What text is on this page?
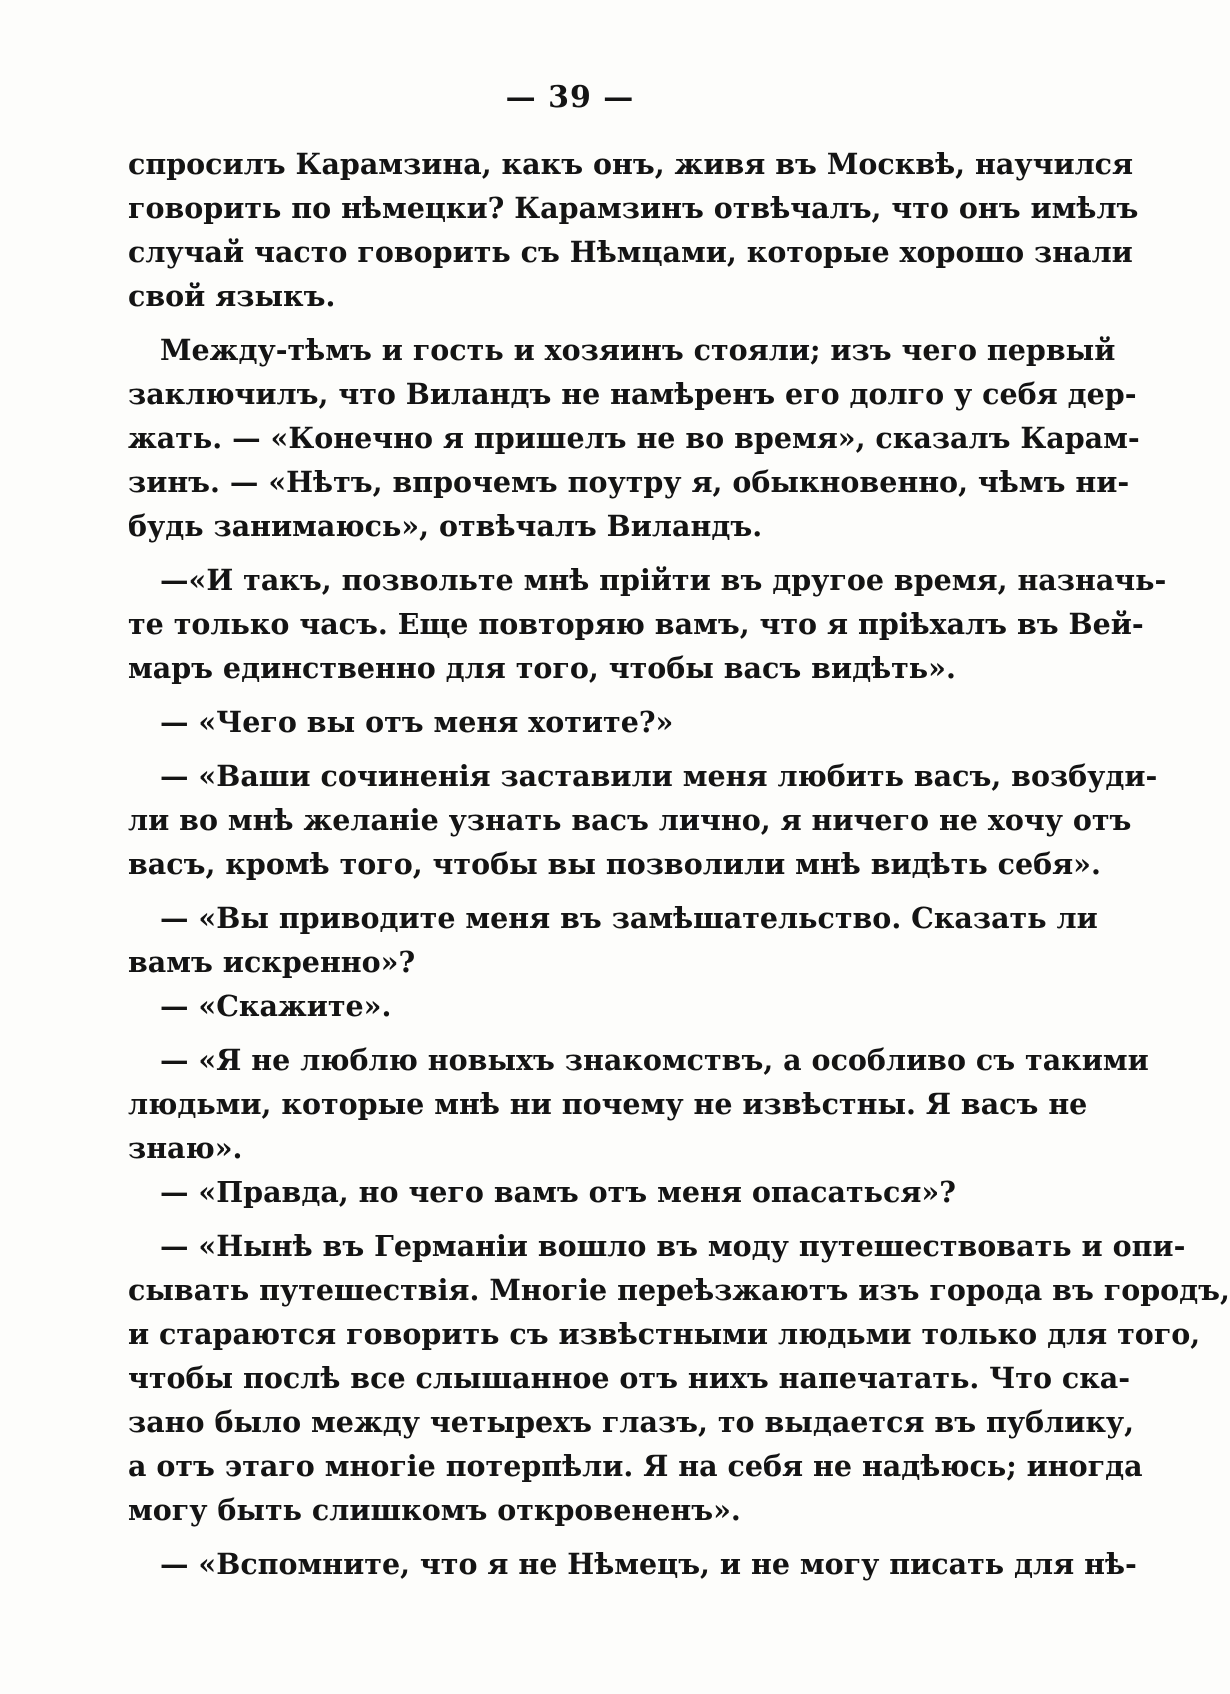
— 39 —
спросилъ Карамзина, какъ онъ, живя въ Москвѣ, научился
говорить по нѣмецки? Карамзинъ отвѣчалъ, что онъ имѣлъ
случай часто говорить съ Нѣмцами, которые хорошо знали
свой языкъ.
Между-тѣмъ и гость и хозяинъ стояли; изъ чего первый
заключилъ, что Виландъ не намѣренъ его долго у себя дер-
жать. — «Конечно я пришелъ не во время», сказалъ Карам-
зинъ. — «Нѣтъ, впрочемъ поутру я, обыкновенно, чѣмъ ни-
будь занимаюсь», отвѣчалъ Виландъ.
—«И такъ, позвольте мнѣ прійти въ другое время, назначь-
те только часъ. Еще повторяю вамъ, что я пріѣхалъ въ Вей-
маръ единственно для того, чтобы васъ видѣть».
— «Чего вы отъ меня хотите?»
— «Ваши сочиненія заставили меня любить васъ, возбуди-
ли во мнѣ желаніе узнать васъ лично, я ничего не хочу отъ
васъ, кромѣ того, чтобы вы позволили мнѣ видѣть себя».
— «Вы приводите меня въ замѣшательство. Сказать ли
вамъ искренно»?
— «Скажите».
— «Я не люблю новыхъ знакомствъ, а особливо съ такими
людьми, которые мнѣ ни почему не извѣстны. Я васъ не
знаю».
— «Правда, но чего вамъ отъ меня опасаться»?
— «Нынѣ въ Германіи вошло въ моду путешествовать и опи-
сывать путешествія. Многіе переѣзжаютъ изъ города въ городъ,
и стараются говорить съ извѣстными людьми только для того,
чтобы послѣ все слышанное отъ нихъ напечатать. Что ска-
зано было между четырехъ глазъ, то выдается въ публику,
а отъ этаго многіе потерпѣли. Я на себя не надѣюсь; иногда
могу быть слишкомъ откровененъ».
— «Вспомните, что я не Нѣмецъ, и не могу писать для нѣ-
